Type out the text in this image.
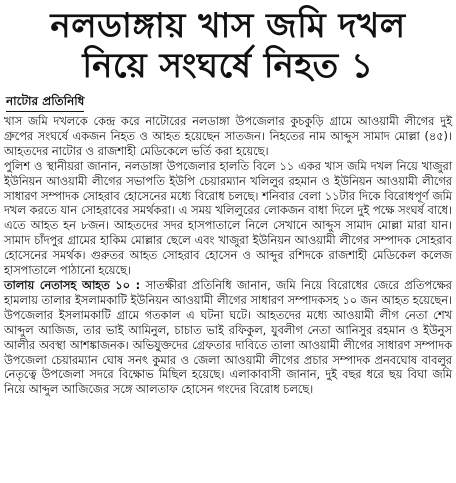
নলডাঙ্গায় খাস জমি দখল
নিয়ে সংঘর্ষে নিহত ১
নাটোর প্রতিনিধি

খাস জমি দখলকে কেন্দ্র করে নাটোরের নলডাঙ্গা উপজেলার কুচকুড়ি গ্রামে আওয়ামী লীগের দুই গ্রুপের সংঘর্ষে একজন নিহত ও আহত হয়েছেন সাতজন। নিহতের নাম আব্দুস সামাদ মোল্লা (৪৫)। আহতদের নাটোর ও রাজশাহী মেডিকেলে ভর্তি করা হয়েছে।

পুলিশ ও স্থানীয়রা জানান, নলডাঙ্গা উপজেলার হালতি বিলে ১১ একর খাস জমি দখল নিয়ে খাজুরা ইউনিয়ন আওয়ামী লীগের সভাপতি ইউপি চেয়ারম্যান খলিলুর রহমান ও ইউনিয়ন আওয়ামী লীগের সাধারণ সম্পাদক সোহরাব হোসেনের মধ্যে বিরোধ চলছে। শনিবার বেলা ১১টার দিকে বিরোধপূর্ণ জমি দখল করতে যান সোহরাবের সমর্থকরা। এ সময় খলিলুরের লোকজন বাধা দিলে দুই পক্ষে সংঘর্ষ বাধে। এতে আহত হন ৮জন। আহতদের সদর হাসপাতালে নিলে সেখানে আব্দুস সামাদ মোল্লা মারা যান। সামাদ চাঁদপুর গ্রামের হাকিম মোল্লার ছেলে এবং খাজুরা ইউনিয়ন আওয়ামী লীগের সম্পাদক সোহরাব হোসেনের সমর্থক। গুরুতর আহত সোহরাব হোসেন ও আব্দুর রশিদকে রাজশাহী মেডিকেল কলেজ হাসপাতালে পাঠানো হয়েছে।

তালায় নেতাসহ আহত ১০ : সাতক্ষীরা প্রতিনিধি জানান, জমি নিয়ে বিরোধের জেরে প্রতিপক্ষের হামলায় তালার ইসলামকাটি ইউনিয়ন আওয়ামী লীগের সাধারণ সম্পাদকসহ ১০ জন আহত হয়েছেন। উপজেলার ইসলামকাটি গ্রামে গতকাল এ ঘটনা ঘটে। আহতদের মধ্যে আওয়ামী লীগ নেতা শেখ আব্দুল আজিজ, তার ভাই আমিনুল, চাচাত ভাই রফিকুল, যুবলীগ নেতা আনিসুর রহমান ও ইউনুস আলীর অবস্থা আশঙ্কাজনক। অভিযুক্তদের গ্রেফতার দাবিতে তালা আওয়ামী লীগের সাধারণ সম্পাদক উপজেলা চেয়ারম্যান ঘোষ সনৎ কুমার ও জেলা আওয়ামী লীগের প্রচার সম্পাদক প্রনবঘোষ বাবলুর নেতৃত্বে উপজেলা সদরে বিক্ষোভ মিছিল হয়েছে। এলাকাবাসী জানান, দুই বছর ধরে ছয় বিঘা জমি নিয়ে আব্দুল আজিজের সঙ্গে আলতাফ হোসেন গংদের বিরোধ চলছে।
